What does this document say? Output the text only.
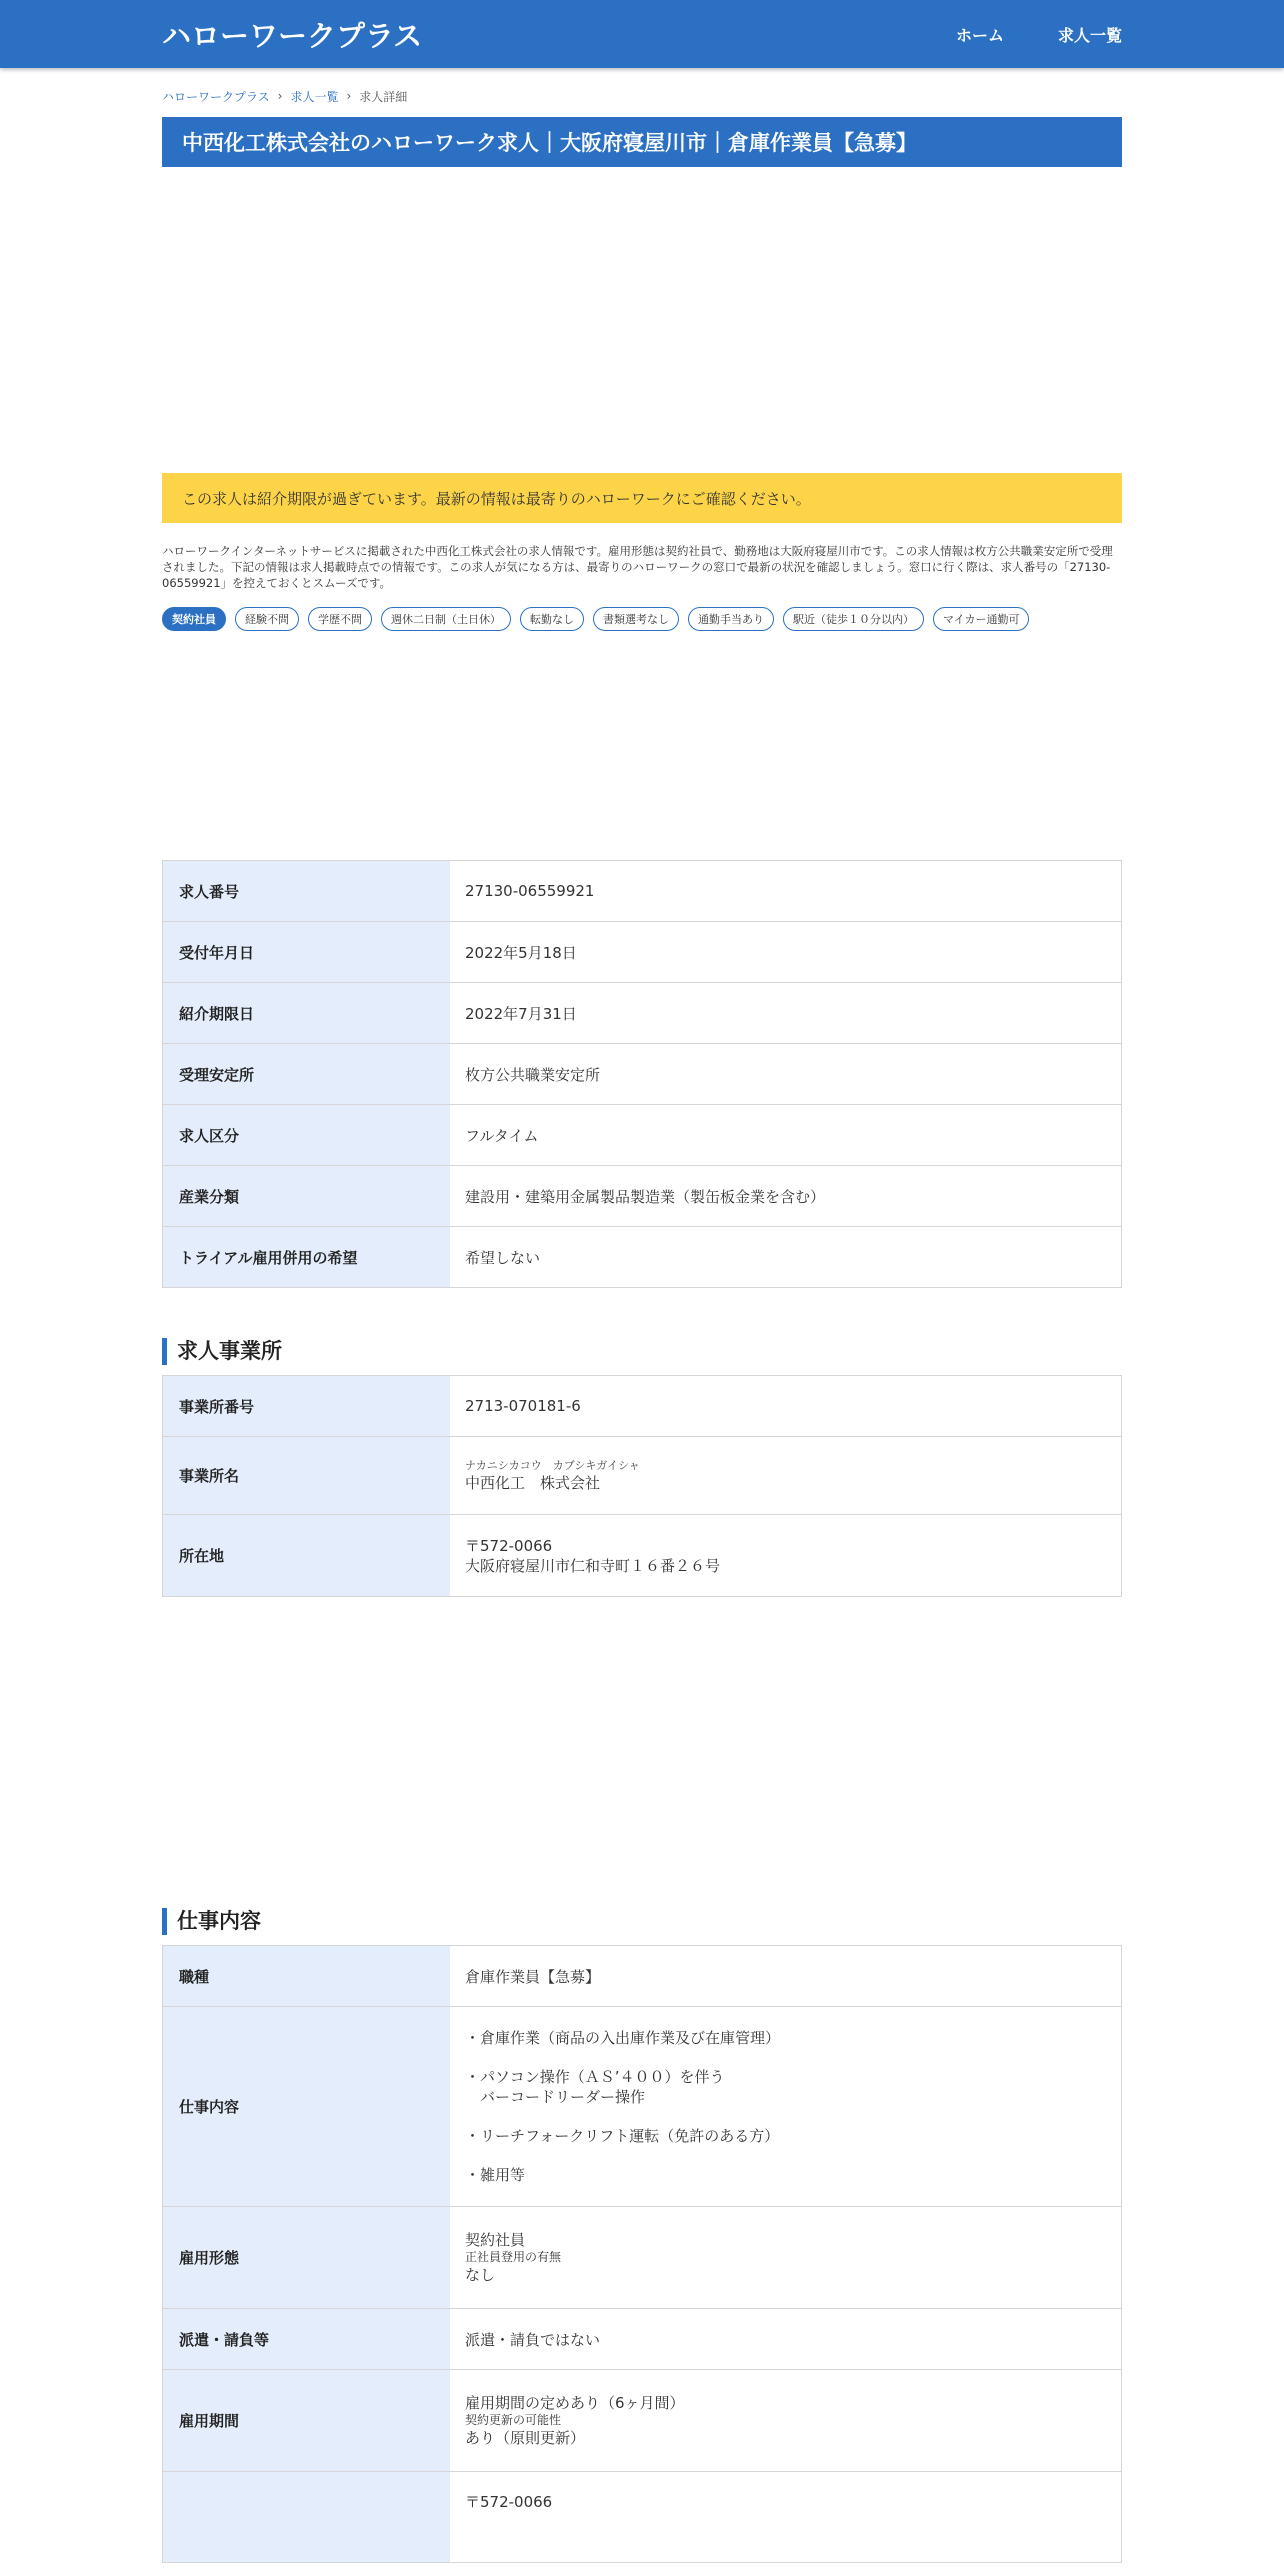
ハローワークプラス	ホーム	求人一覧
ハローワークプラス › 求人一覧 › 求人詳細
中西化工株式会社のハローワーク求人｜大阪府寝屋川市｜倉庫作業員【急募】
この求人は紹介期限が過ぎています。最新の情報は最寄りのハローワークにご確認ください。
ハローワークインターネットサービスに掲載された中西化工株式会社の求人情報です。雇用形態は契約社員で、勤務地は大阪府寝屋川市です。この求人情報は枚方公共職業安定所で受理されました。下記の情報は求人掲載時点での情報です。この求人が気になる方は、最寄りのハローワークの窓口で最新の状況を確認しましょう。窓口に行く際は、求人番号の「27130-06559921」を控えておくとスムーズです。
契約社員	経験不問	学歴不問	週休二日制（土日休）	転勤なし	書類選考なし	通勤手当あり	駅近（徒歩１０分以内）	マイカー通勤可
求人番号	27130-06559921
受付年月日	2022年5月18日
紹介期限日	2022年7月31日
受理安定所	枚方公共職業安定所
求人区分	フルタイム
産業分類	建設用・建築用金属製品製造業（製缶板金業を含む）
トライアル雇用併用の希望	希望しない
求人事業所
事業所番号	2713-070181-6
事業所名	ナカニシカコウ　カブシキガイシャ
中西化工　株式会社

所在地	〒572-0066
大阪府寝屋川市仁和寺町１６番２６号
仕事内容
職種	倉庫作業員【急募】
仕事内容	・倉庫作業（商品の入出庫作業及び在庫管理）

・パソコン操作（ＡＳ’４００）を伴う
　バーコードリーダー操作

・リーチフォークリフト運転（免許のある方）

・雑用等

雇用形態	契約社員
正社員登用の有無
なし

派遣・請負等	派遣・請負ではない
雇用期間	雇用期間の定めあり（6ヶ月間）
契約更新の可能性
あり（原則更新）

	〒572-0066
